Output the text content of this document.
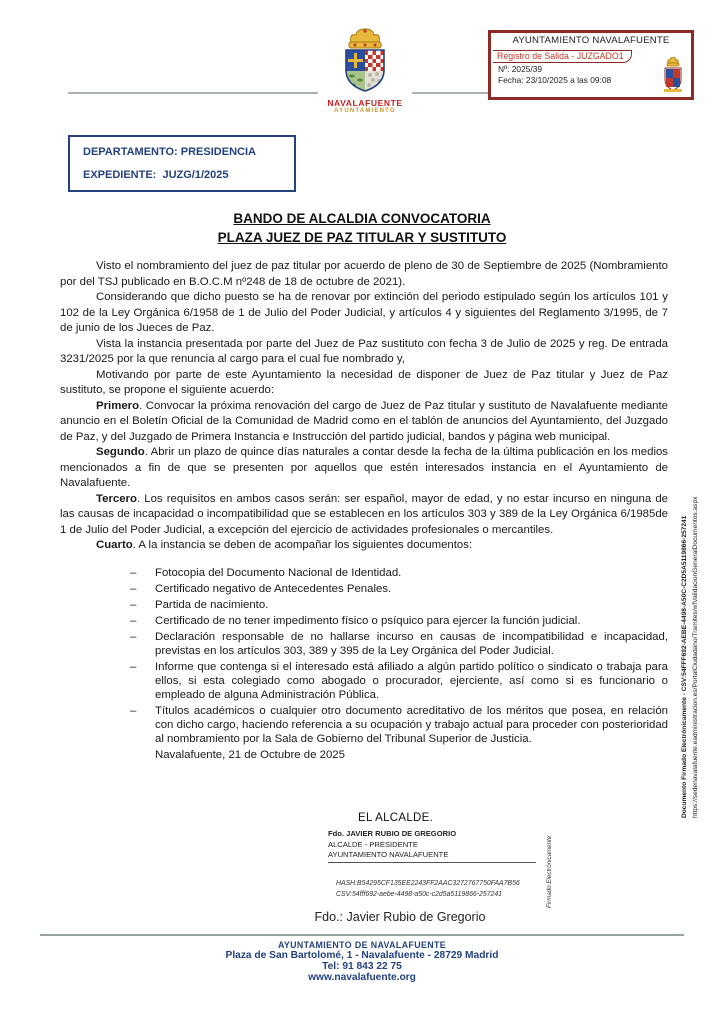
NAVALAFUENTE
AYUNTAMIENTO
AYUNTAMIENTO NAVALAFUENTE
Registro de Salida - JUZGADO1
Nº: 2025/39
Fecha: 23/10/2025 a las 09:08
DEPARTAMENTO: PRESIDENCIA
EXPEDIENTE:  JUZG/1/2025
BANDO DE ALCALDIA CONVOCATORIA
PLAZA JUEZ DE PAZ TITULAR Y SUSTITUTO

Visto el nombramiento del juez de paz titular por acuerdo de pleno de 30 de Septiembre de 2025 (Nombramiento por del TSJ publicado en B.O.C.M nº248 de 18 de octubre de 2021).

Considerando que dicho puesto se ha de renovar por extinción del periodo estipulado según los artículos 101 y 102 de la Ley Orgánica 6/1958 de 1 de Julio del Poder Judicial, y artículos 4 y siguientes del Reglamento 3/1995, de 7 de junio de los Jueces de Paz.

Vista la instancia presentada por parte del Juez de Paz sustituto con fecha 3 de Julio de 2025 y reg. De entrada 3231/2025 por la que renuncia al cargo para el cual fue nombrado y,

Motivando por parte de este Ayuntamiento la necesidad de disponer de Juez de Paz titular y Juez de Paz sustituto, se propone el siguiente acuerdo:

Primero. Convocar la próxima renovación del cargo de Juez de Paz titular y sustituto de Navalafuente mediante anuncio en el Boletín Oficial de la Comunidad de Madrid como en el tablón de anuncios del Ayuntamiento, del Juzgado de Paz, y del Juzgado de Primera Instancia e Instrucción del partido judicial, bandos y página web municipal.

Segundo. Abrir un plazo de quince días naturales a contar desde la fecha de la última publicación en los medios mencionados a fin de que se presenten por aquellos que estén interesados instancia en el Ayuntamiento de Navalafuente.

Tercero. Los requisitos en ambos casos serán: ser español, mayor de edad, y no estar incurso en ninguna de las causas de incapacidad o incompatibilidad que se establecen en los artículos 303 y 389 de la Ley Orgánica 6/1985de 1 de Julio del Poder Judicial, a excepción del ejercicio de actividades profesionales o mercantiles.

Cuarto. A la instancia se deben de acompañar los siguientes documentos:

– Fotocopia del Documento Nacional de Identidad.
– Certificado negativo de Antecedentes Penales.
– Partida de nacimiento.
– Certificado de no tener impedimento físico o psíquico para ejercer la función judicial.
– Declaración responsable de no hallarse incurso en causas de incompatibilidad e incapacidad, previstas en los artículos 303, 389 y 395 de la Ley Orgánica del Poder Judicial.
– Informe que contenga si el interesado está afiliado a algún partido político o sindicato o trabaja para ellos, si esta colegiado como abogado o procurador, ejerciente, así como si es funcionario o empleado de alguna Administración Pública.
– Títulos académicos o cualquier otro documento acreditativo de los méritos que posea, en relación con dicho cargo, haciendo referencia a su ocupación y trabajo actual para proceder con posterioridad al nombramiento por la Sala de Gobierno del Tribunal Superior de Justicia.
Navalafuente, 21 de Octubre de 2025
EL ALCALDE.
Fdo. JAVIER RUBIO DE GREGORIO
ALCALDE - PRESIDENTE
AYUNTAMIENTO NAVALAFUENTE
HASH:B54295CF135EE2243FF2AAC3272767750FAA7B56
CSV:54fff692-aebe-4498-a50c-c2d5a5119866-257241	Firmado Electrónicamente
Fdo.: Javier Rubio de Gregorio
Documento Firmado Electrónicamente - CSV:54FFF692-AEBE-4498-A50C-C2D5A5119866-257241 https://sedenavalafuente.eadministracion.es/PortalCiudadano/Tramites/wfValidacionGeneralDocumentos.aspx
AYUNTAMIENTO DE NAVALAFUENTE
Plaza de San Bartolomé, 1 - Navalafuente - 28729 Madrid
Tel: 91 843 22 75
www.navalafuente.org
